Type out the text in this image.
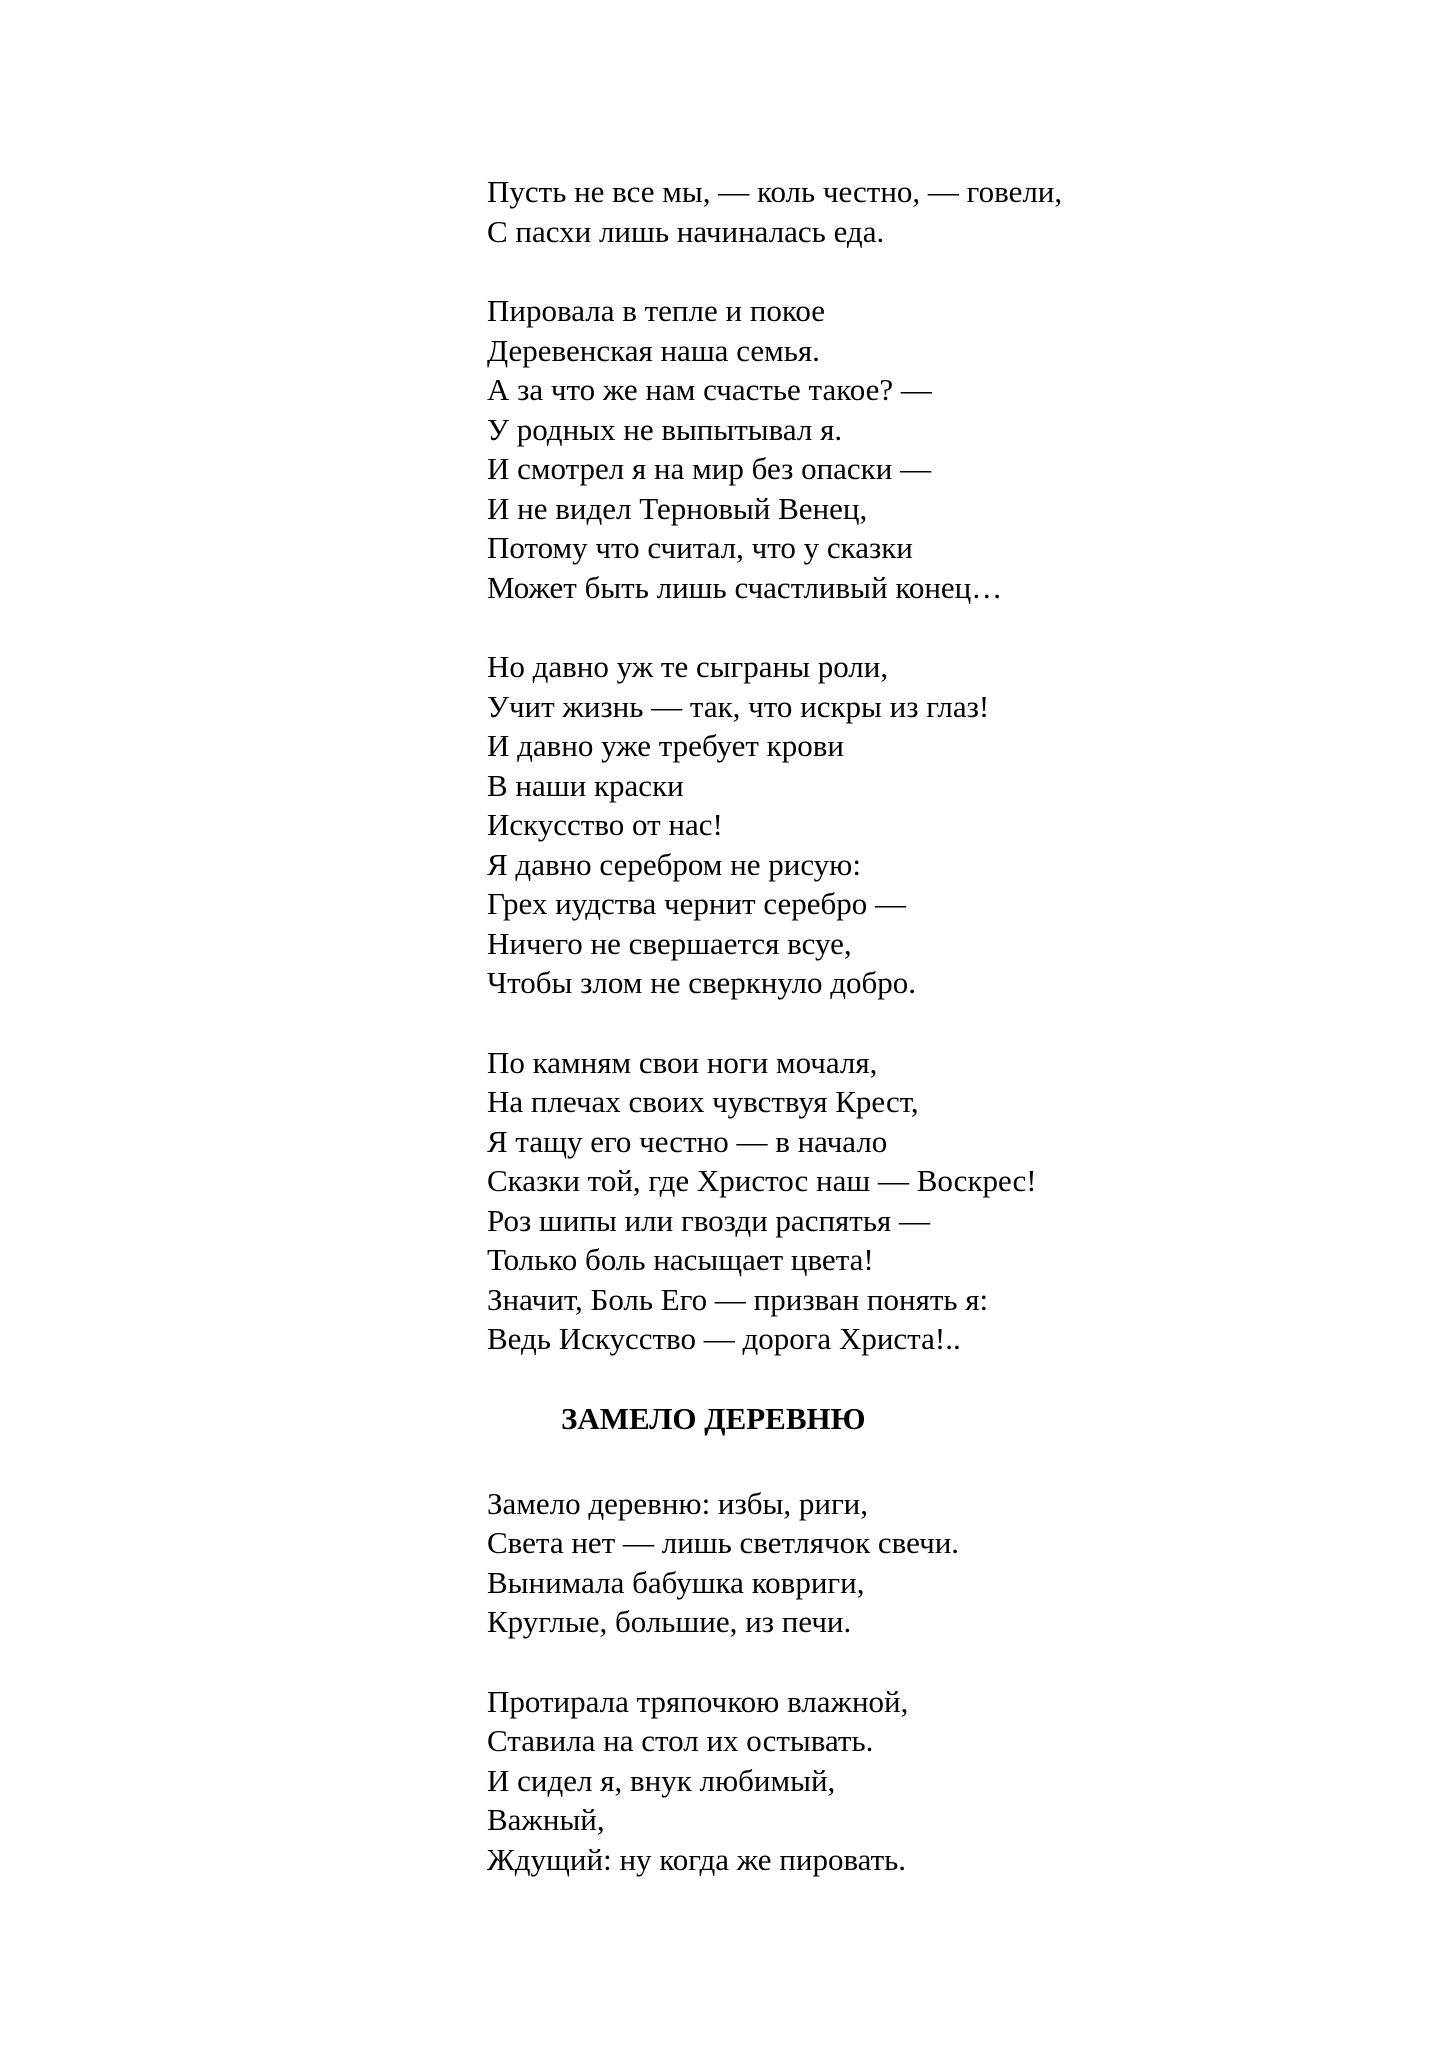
Пусть не все мы, — коль честно, — говели,
С пасхи лишь начиналась еда.
Пировала в тепле и покое
Деревенская наша семья.
А за что же нам счастье такое? —
У родных не выпытывал я.
И смотрел я на мир без опаски —
И не видел Терновый Венец,
Потому что считал, что у сказки
Может быть лишь счастливый конец…
Но давно уж те сыграны роли,
Учит жизнь — так, что искры из глаз!
И давно уже требует крови
В наши краски
Искусство от нас!
Я давно серебром не рисую:
Грех иудства чернит серебро —
Ничего не свершается всуе,
Чтобы злом не сверкнуло добро.
По камням свои ноги мочаля,
На плечах своих чувствуя Крест,
Я тащу его честно — в начало
Сказки той, где Христос наш — Воскрес!
Роз шипы или гвозди распятья —
Только боль насыщает цвета!
Значит, Боль Его — призван понять я:
Ведь Искусство — дорога Христа!..
ЗАМЕЛО ДЕРЕВНЮ
Замело деревню: избы, риги,
Света нет — лишь светлячок свечи.
Вынимала бабушка ковриги,
Круглые, большие, из печи.
Протирала тряпочкою влажной,
Ставила на стол их остывать.
И сидел я, внук любимый,
Важный,
Ждущий: ну когда же пировать.
